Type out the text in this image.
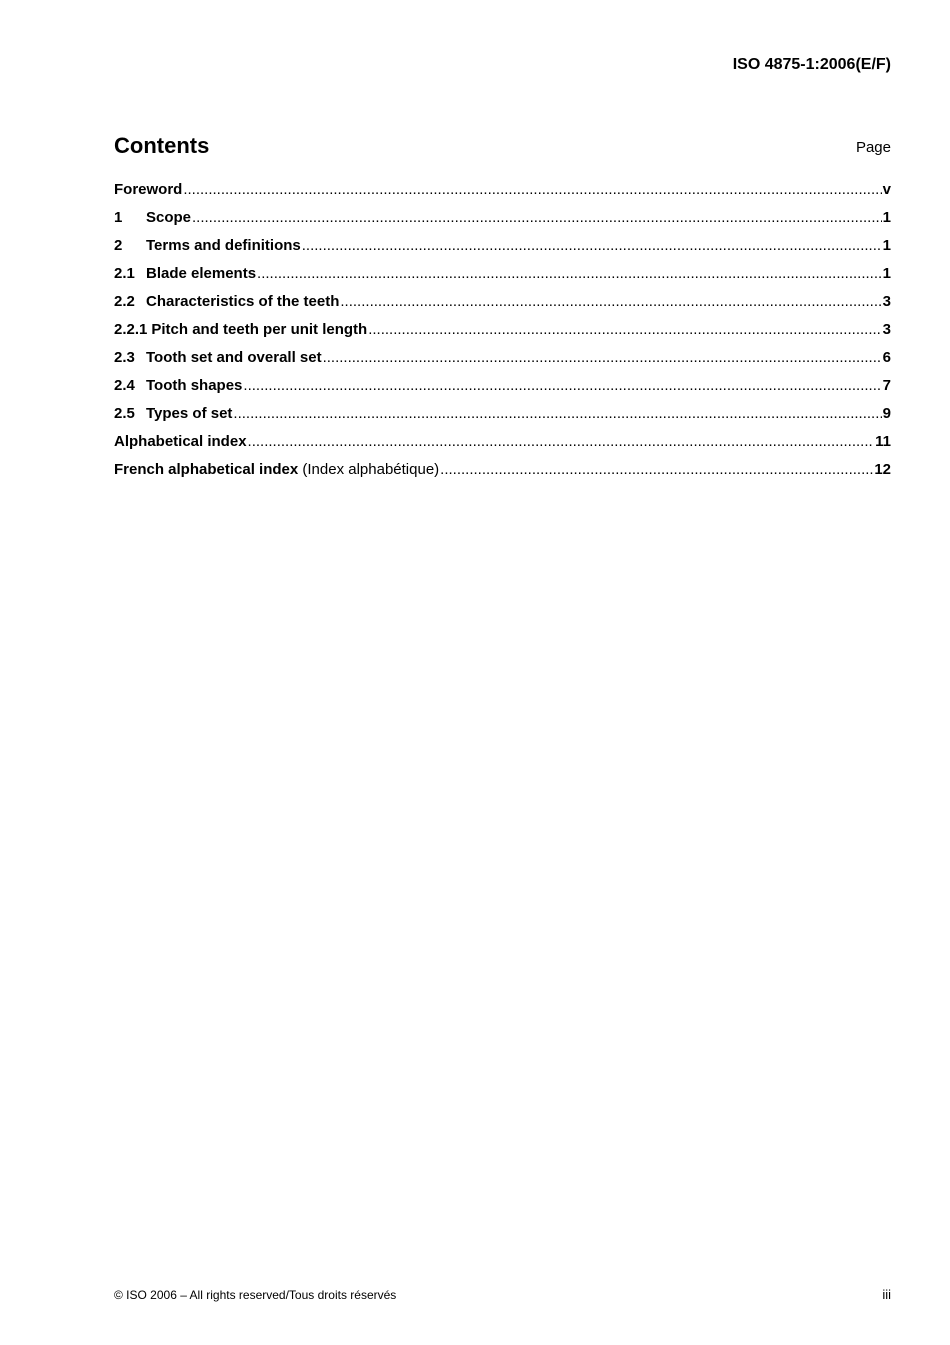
ISO 4875-1:2006(E/F)
Contents	Page
Foreword .....	v
1 Scope .....	1
2 Terms and definitions .....	1
2.1 Blade elements .....	1
2.2 Characteristics of the teeth .....	3
2.2.1 Pitch and teeth per unit length .....	3
2.3 Tooth set and overall set .....	6
2.4 Tooth shapes .....	7
2.5 Types of set .....	9
Alphabetical index .....	11
French alphabetical index (Index alphabétique) .....	12
© ISO 2006 – All rights reserved/Tous droits réservés	iii
